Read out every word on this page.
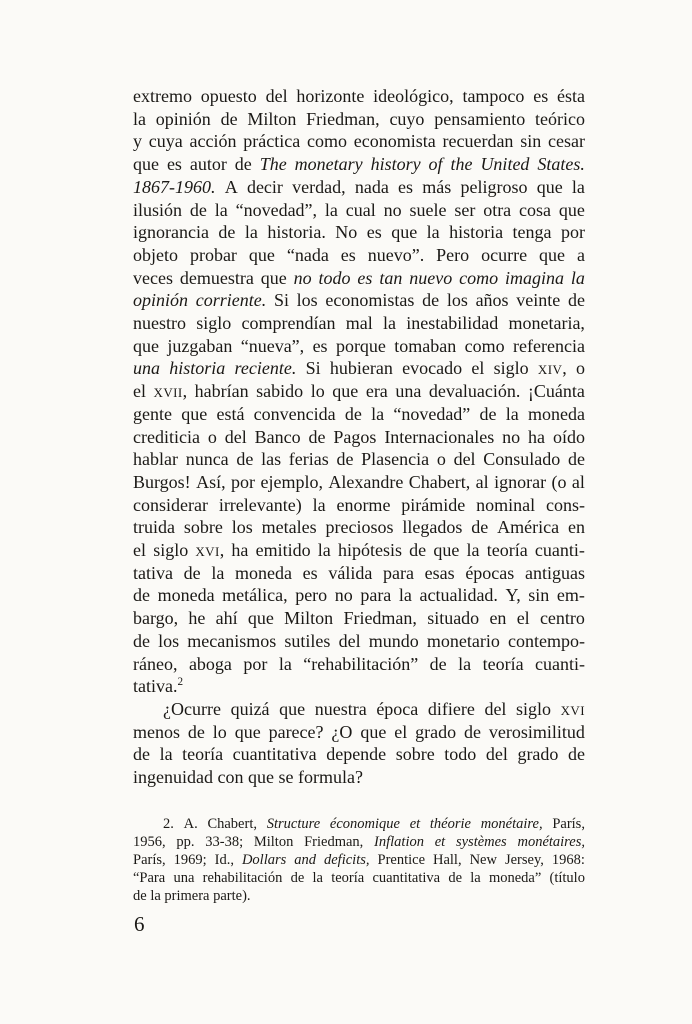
extremo opuesto del horizonte ideológico, tampoco es ésta
la opinión de Milton Friedman, cuyo pensamiento teórico
y cuya acción práctica como economista recuerdan sin cesar
que es autor de The monetary history of the United States.
1867-1960. A decir verdad, nada es más peligroso que la
ilusión de la “novedad”, la cual no suele ser otra cosa que
ignorancia de la historia. No es que la historia tenga por
objeto probar que “nada es nuevo”. Pero ocurre que a
veces demuestra que no todo es tan nuevo como imagina la
opinión corriente. Si los economistas de los años veinte de
nuestro siglo comprendían mal la inestabilidad monetaria,
que juzgaban “nueva”, es porque tomaban como referencia
una historia reciente. Si hubieran evocado el siglo xiv, o
el xvii, habrían sabido lo que era una devaluación. ¡Cuánta
gente que está convencida de la “novedad” de la moneda
crediticia o del Banco de Pagos Internacionales no ha oído
hablar nunca de las ferias de Plasencia o del Consulado de
Burgos! Así, por ejemplo, Alexandre Chabert, al ignorar (o al
considerar irrelevante) la enorme pirámide nominal cons-
truida sobre los metales preciosos llegados de América en
el siglo xvi, ha emitido la hipótesis de que la teoría cuanti-
tativa de la moneda es válida para esas épocas antiguas
de moneda metálica, pero no para la actualidad. Y, sin em-
bargo, he ahí que Milton Friedman, situado en el centro
de los mecanismos sutiles del mundo monetario contempo-
ráneo, aboga por la “rehabilitación” de la teoría cuanti-
tativa.$^2$
¿Ocurre quizá que nuestra época difiere del siglo xvi
menos de lo que parece? ¿O que el grado de verosimilitud
de la teoría cuantitativa depende sobre todo del grado de
ingenuidad con que se formula?
2. A. Chabert, Structure économique et théorie monétaire, París,
1956, pp. 33-38; Milton Friedman, Inflation et systèmes monétaires,
París, 1969; Id., Dollars and deficits, Prentice Hall, New Jersey, 1968:
“Para una rehabilitación de la teoría cuantitativa de la moneda” (título
de la primera parte).
6
